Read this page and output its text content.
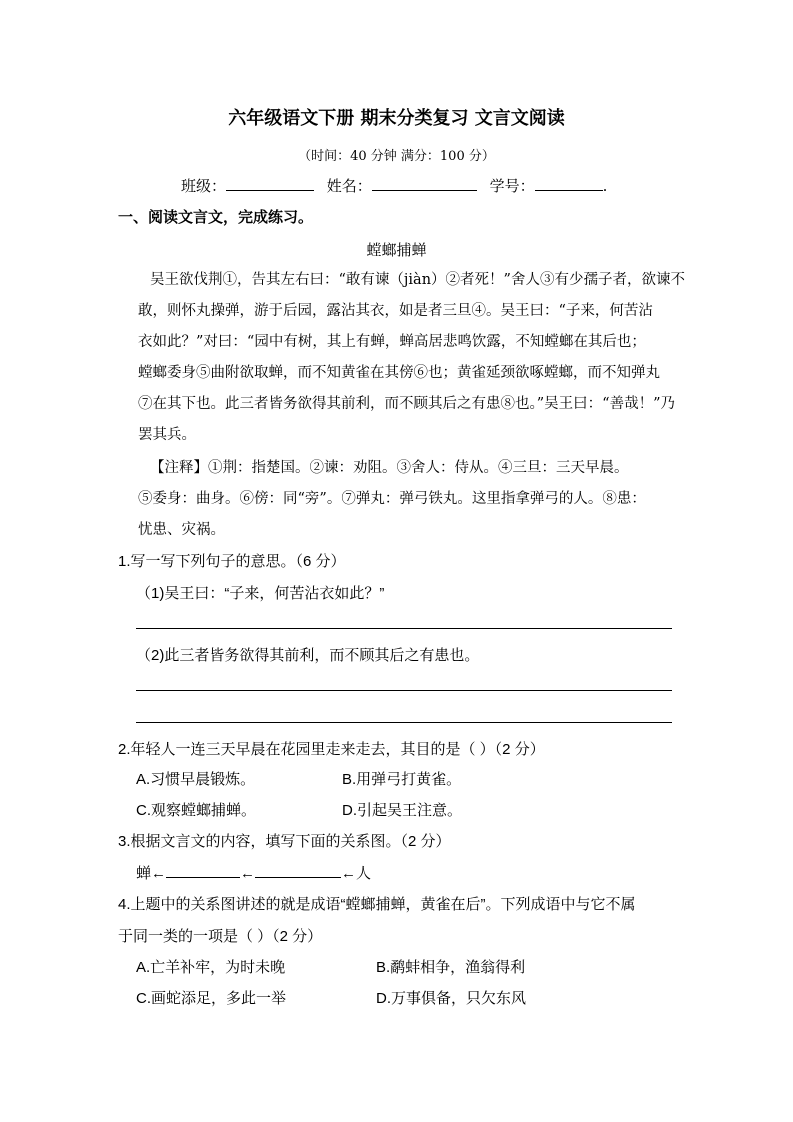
六年级语文下册 期末分类复习 文言文阅读
（时间：40 分钟 满分：100 分）
班级：	姓名：	学号：	.
一、阅读文言文，完成练习。
螳螂捕蝉
吴王欲伐荆①，告其左右曰：“敢有谏（jiàn）②者死！”舍人③有少孺子者，欲谏不
敢，则怀丸操弹，游于后园，露沾其衣，如是者三旦④。吴王曰：“子来，何苦沾
衣如此？”对曰：“园中有树，其上有蝉，蝉高居悲鸣饮露，不知螳螂在其后也；
螳螂委身⑤曲附欲取蝉，而不知黄雀在其傍⑥也；黄雀延颈欲啄螳螂，而不知弹丸
⑦在其下也。此三者皆务欲得其前利，而不顾其后之有患⑧也。”吴王曰：“善哉！”乃
罢其兵。
【注释】①荆：指楚国。②谏：劝阻。③舍人：侍从。④三旦：三天早晨。
⑤委身：曲身。⑥傍：同“旁”。⑦弹丸：弹弓铁丸。这里指拿弹弓的人。⑧患：
忧患、灾祸。
1.写一写下列句子的意思。（6 分）
（1)吴王曰：“子来，何苦沾衣如此？”
（2)此三者皆务欲得其前利，而不顾其后之有患也。
2.年轻人一连三天早晨在花园里走来走去，其目的是（ ）（2 分）
A.习惯早晨锻炼。	B.用弹弓打黄雀。
C.观察螳螂捕蝉。	D.引起吴王注意。
3.根据文言文的内容，填写下面的关系图。（2 分）
蝉←	←	←人
4.上题中的关系图讲述的就是成语“螳螂捕蝉，黄雀在后”。下列成语中与它不属
于同一类的一项是（ ）（2 分）
A.亡羊补牢，为时未晚	B.鹬蚌相争，渔翁得利
C.画蛇添足，多此一举	D.万事俱备，只欠东风
